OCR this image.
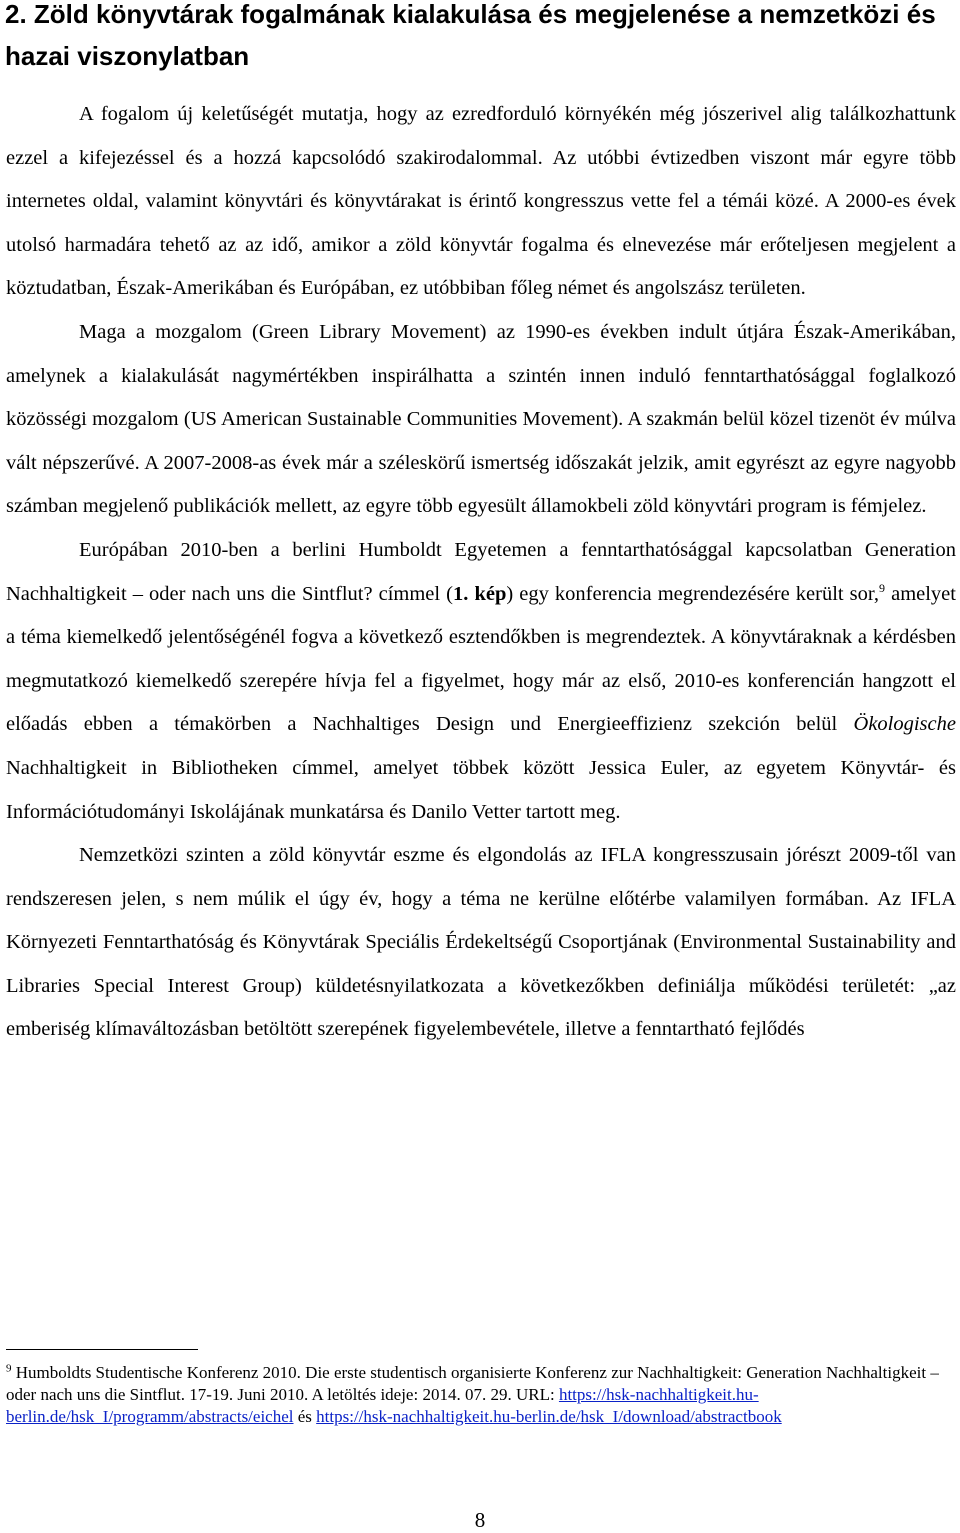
2. Zöld könyvtárak fogalmának kialakulása és megjelenése a nemzetközi és hazai viszonylatban

A fogalom új keletűségét mutatja, hogy az ezredforduló környékén még jószerivel alig találkozhattunk ezzel a kifejezéssel és a hozzá kapcsolódó szakirodalommal. Az utóbbi évtizedben viszont már egyre több internetes oldal, valamint könyvtári és könyvtárakat is érintő kongresszus vette fel a témái közé. A 2000-es évek utolsó harmadára tehető az az idő, amikor a zöld könyvtár fogalma és elnevezése már erőteljesen megjelent a köztudatban, Észak-Amerikában és Európában, ez utóbbiban főleg német és angolszász területen.

Maga a mozgalom (Green Library Movement) az 1990-es években indult útjára Észak-Amerikában, amelynek a kialakulását nagymértékben inspirálhatta a szintén innen induló fenntarthatósággal foglalkozó közösségi mozgalom (US American Sustainable Communities Movement). A szakmán belül közel tizenöt év múlva vált népszerűvé. A 2007-2008-as évek már a széleskörű ismertség időszakát jelzik, amit egyrészt az egyre nagyobb számban megjelenő publikációk mellett, az egyre több egyesült államokbeli zöld könyvtári program is fémjelez.

Európában 2010-ben a berlini Humboldt Egyetemen a fenntarthatósággal kapcsolatban Generation Nachhaltigkeit – oder nach uns die Sintflut? címmel (1. kép) egy konferencia megrendezésére került sor,$^9$ amelyet a téma kiemelkedő jelentőségénél fogva a következő esztendőkben is megrendeztek. A könyvtáraknak a kérdésben megmutatkozó kiemelkedő szerepére hívja fel a figyelmet, hogy már az első, 2010-es konferencián hangzott el előadás ebben a témakörben a Nachhaltiges Design und Energieeffizienz szekción belül Ökologische Nachhaltigkeit in Bibliotheken címmel, amelyet többek között Jessica Euler, az egyetem Könyvtár- és Információtudományi Iskolájának munkatársa és Danilo Vetter tartott meg.

Nemzetközi szinten a zöld könyvtár eszme és elgondolás az IFLA kongresszusain jórészt 2009-től van rendszeresen jelen, s nem múlik el úgy év, hogy a téma ne kerülne előtérbe valamilyen formában. Az IFLA Környezeti Fenntarthatóság és Könyvtárak Speciális Érdekeltségű Csoportjának (Environmental Sustainability and Libraries Special Interest Group) küldetésnyilatkozata a következőkben definiálja működési területét: „az emberiség klímaváltozásban betöltött szerepének figyelembevétele, illetve a fenntartható fejlődés

$^9$ Humboldts Studentische Konferenz 2010. Die erste studentisch organisierte Konferenz zur Nachhaltigkeit: Generation Nachhaltigkeit – oder nach uns die Sintflut. 17-19. Juni 2010. A letöltés ideje: 2014. 07. 29. URL: https://hsk-nachhaltigkeit.hu-berlin.de/hsk_I/programm/abstracts/eichel és https://hsk-nachhaltigkeit.hu-berlin.de/hsk_I/download/abstractbook
8
